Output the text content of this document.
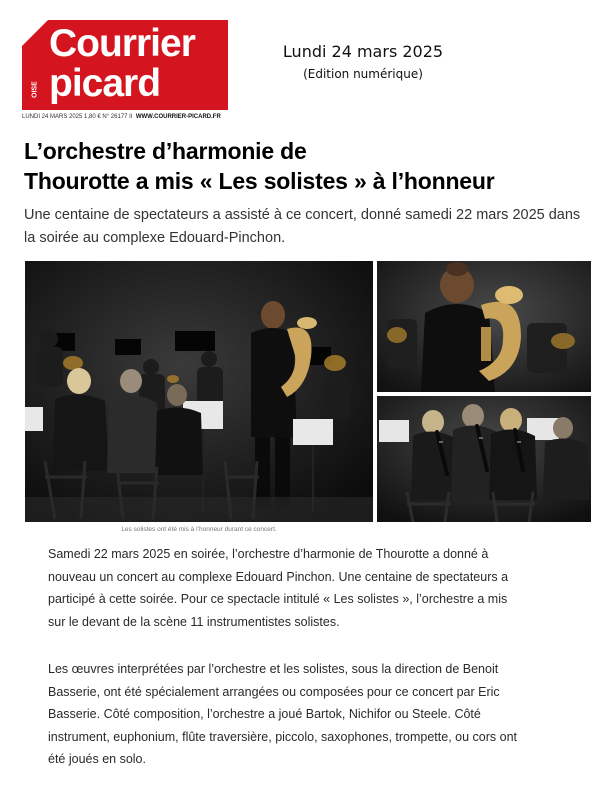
OISE
Courrier
picard
LUNDI 24 MARS 2025 1,80 € N° 26177 II WWW.COURRIER-PICARD.FR
Lundi 24 mars 2025
(Edition numérique)
L’orchestre d’harmonie de
Thourotte a mis « Les solistes » à l’honneur

Une centaine de spectateurs a assisté à ce concert, donné samedi 22 mars 2025 dans la soirée au complexe Edouard-Pinchon.

Les solistes ont été mis à l’honneur durant ce concert.

Samedi 22 mars 2025 en soirée, l’orchestre d’harmonie de Thourotte a donné à nouveau un concert au complexe Edouard Pinchon. Une centaine de spectateurs a participé à cette soirée. Pour ce spectacle intitulé « Les solistes », l’orchestre a mis sur le devant de la scène 11 instrumentistes solistes.

Les œuvres interprétées par l’orchestre et les solistes, sous la direction de Benoit Basserie, ont été spécialement arrangées ou composées pour ce concert par Eric Basserie. Côté composition, l’orchestre a joué Bartok, Nichifor ou Steele. Côté instrument, euphonium, flûte traversière, piccolo, saxophones, trompette, ou cors ont été joués en solo.
